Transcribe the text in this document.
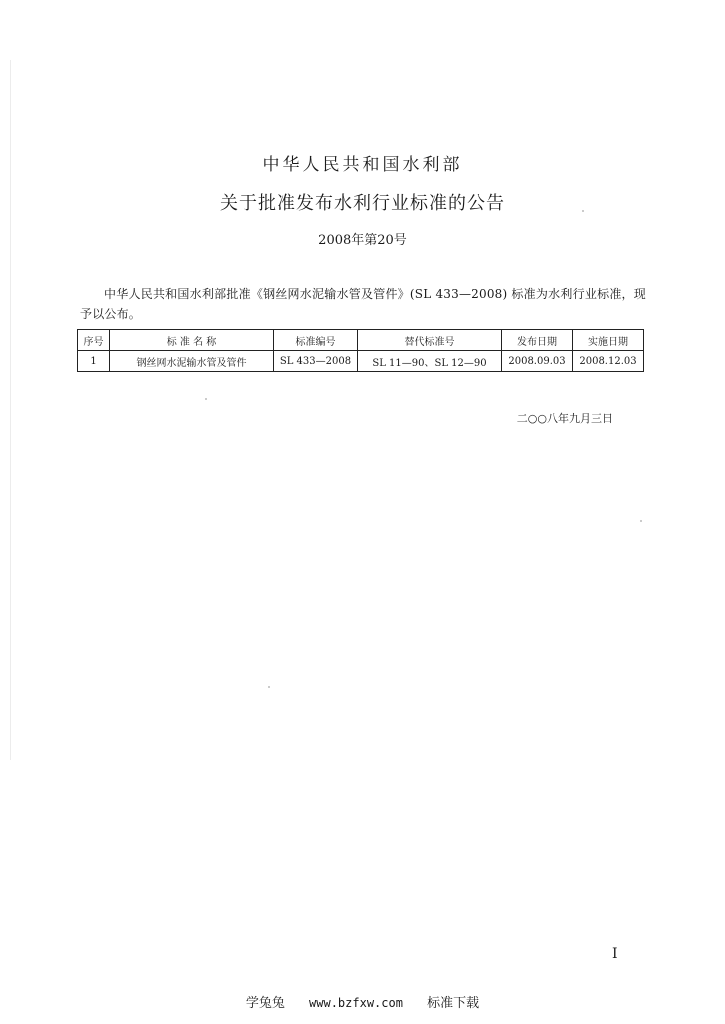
中华人民共和国水利部
关于批准发布水利行业标准的公告
2008年第20号
中华人民共和国水利部批准《钢丝网水泥输水管及管件》(SL 433—2008) 标准为水利行业标准，现予以公布。
序号	标 准 名 称	标准编号	替代标准号	发布日期	实施日期
1	钢丝网水泥输水管及管件	SL 433—2008	SL 11—90、SL 12—90	2008.09.03	2008.12.03
二○○八年九月三日
I
学兔兔 www.bzfxw.com 标准下载
